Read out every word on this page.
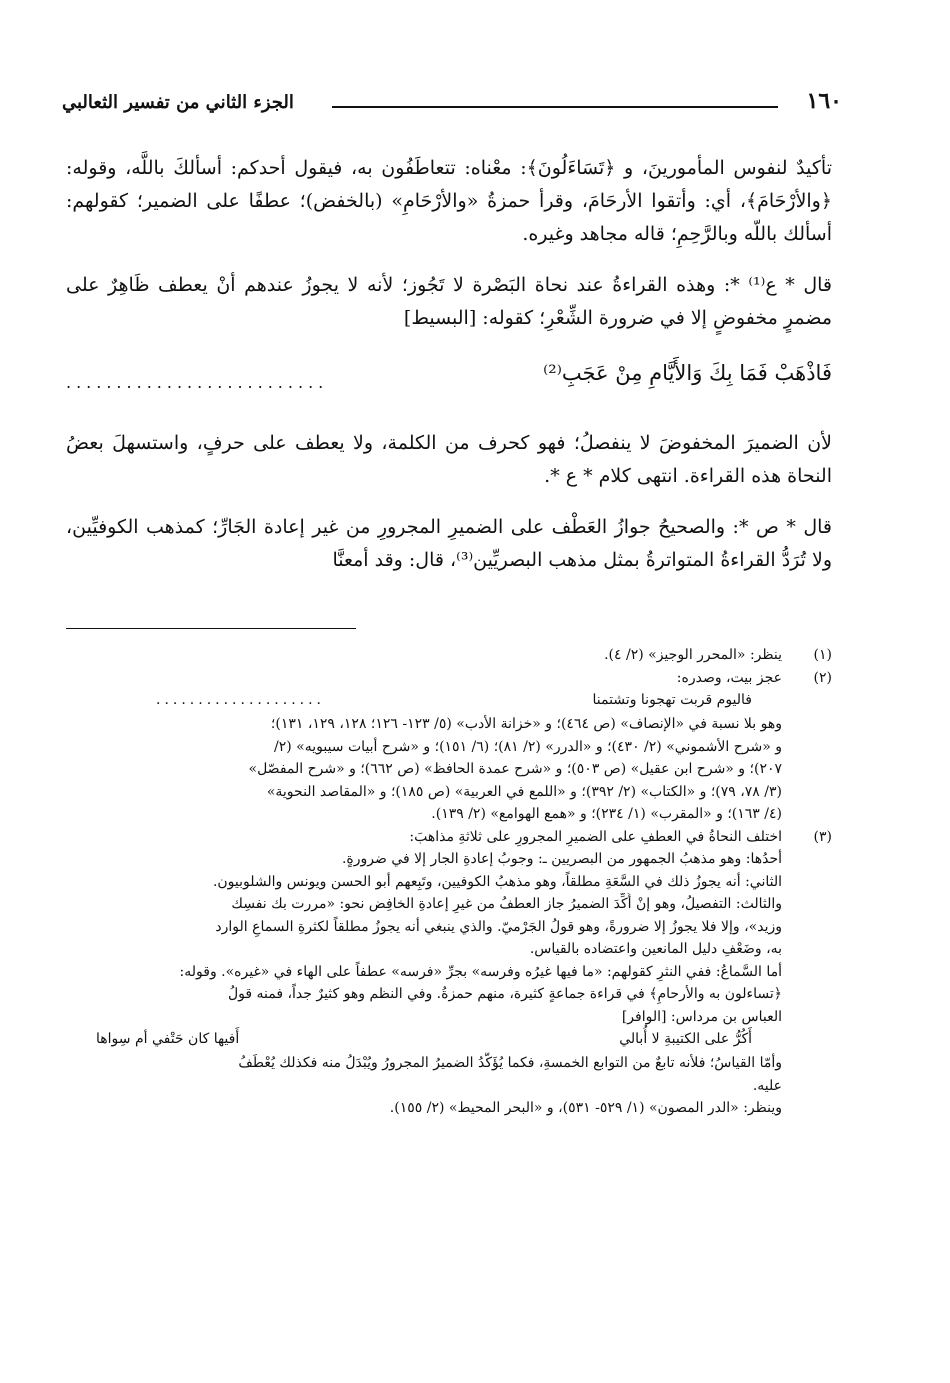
١٦٠
الجزء الثاني من تفسير الثعالبي

تأكيدٌ لنفوس المأمورينَ، و ﴿تَسَاءَلُونَ﴾: معْناه: تتعاطَفُون به، فيقول أحدكم: أسألكَ باللَّه، وقوله: ﴿والأرْحَامَ﴾، أي: وأتقوا الأرحَامَ، وقرأ حمزةُ «والأرْحَامِ» (بالخفض)؛ عطفًا على الضمير؛ كقولهم: أسألك باللّه وبالرَّحِمِ؛ قاله مجاهد وغيره.

قال * ع⁽¹⁾ *: وهذه القراءةُ عند نحاة البَصْرة لا تَجُوز؛ لأنه لا يجوزُ عندهم أنْ يعطف ظَاهِرٌ على مضمرٍ مخفوضٍ إلا في ضرورة الشِّعْرِ؛ كقوله: [البسيط]

فَاذْهَبْ فَمَا بِكَ وَالأَيَّامِ مِنْ عَجَبِ⁽²⁾
..........................

لأن الضميرَ المخفوضَ لا ينفصلُ؛ فهو كحرف من الكلمة، ولا يعطف على حرفٍ، واستسهلَ بعضُ النحاة هذه القراءة. انتهى كلام * ع *.

قال * ص *: والصحيحُ جوازُ العَطْف على الضميرِ المجرورِ من غير إعادة الجَارِّ؛ كمذهب الكوفيِّين، ولا تُرَدُّ القراءةُ المتواترةُ بمثل مذهب البصريِّين⁽³⁾، قال: وقد أمعنَّا

(١)
ينظر: «المحرر الوجيز» (٢/ ٤).
(٢)
عجز بيت، وصدره:
فاليوم قربت تهجونا وتشتمنا
....................
وهو بلا نسبة في «الإنصاف» (ص ٤٦٤)؛ و «خزانة الأدب» (٥/ ١٢٣- ١٢٦؛ ١٢٨، ١٢٩، ١٣١)؛
و «شرح الأشموني» (٢/ ٤٣٠)؛ و «الدرر» (٢/ ٨١)؛ (٦/ ١٥١)؛ و «شرح أبيات سيبويه» (٢/
٢٠٧)؛ و «شرح ابن عقيل» (ص ٥٠٣)؛ و «شرح عمدة الحافظ» (ص ٦٦٢)؛ و «شرح المفصّل»
(٣/ ٧٨، ٧٩)؛ و «الكتاب» (٢/ ٣٩٢)؛ و «اللمع في العربية» (ص ١٨٥)؛ و «المقاصد النحوية»
(٤/ ١٦٣)؛ و «المقرب» (١/ ٢٣٤)؛ و «همع الهوامع» (٢/ ١٣٩).
(٣)
اختلف النحاةُ في العطفِ على الضميرِ المجرورِ على ثلاثةِ مذاهبَ:
أحدُها: وهو مذهبُ الجمهور من البصريين ـ: وجوبُ إعادةِ الجار إلا في ضرورةٍ.
الثاني: أنه يجوزُ ذلك في السَّعَةِ مطلقاً، وهو مذهبُ الكوفيين، وتَبِعهم أبو الحسن ويونس والشلوبيون.
والثالث: التفصيلُ، وهو إنْ أُكِّدَ الضميرُ جاز العطفُ من غيرِ إعادةِ الخافِض نحو: «مررت بك نفسِك
وزيد»، وإلا فلا يجوزُ إلا ضرورةً، وهو قولُ الجَرْميّ. والذي ينبغي أنه يجوزُ مطلقاً لكثرةِ السماعِ الوارد
به، وضَعْفِ دليل المانعين واعتضاده بالقياس.
أما السَّماعُ: ففي النثرِ كقولهم: «ما فيها غيرُه وفرسه» بجرِّ «فرسه» عطفاً على الهاء في «غيره». وقوله:
﴿تساءلون به والأرحامِ﴾ في قراءة جماعةٍ كثيرة، منهم حمزةُ. وفي النظم وهو كثيرٌ جداً، فمنه قولُ
العباس بن مرداس: [الوافر]
أَكُرُّ على الكتيبةِ لا أُبالي
أَفيها كان حَتْفي أم سِواها
وأمّا القياسُ؛ فلأنه تابعٌ من التوابع الخمسةِ، فكما يُؤَكَّدُ الضميرُ المجرورُ ويُبْدَلُ منه فكذلك يُعْطَفُ
عليه.
وينظر: «الدر المصون» (١/ ٥٢٩- ٥٣١)، و «البحر المحيط» (٢/ ١٥٥).
